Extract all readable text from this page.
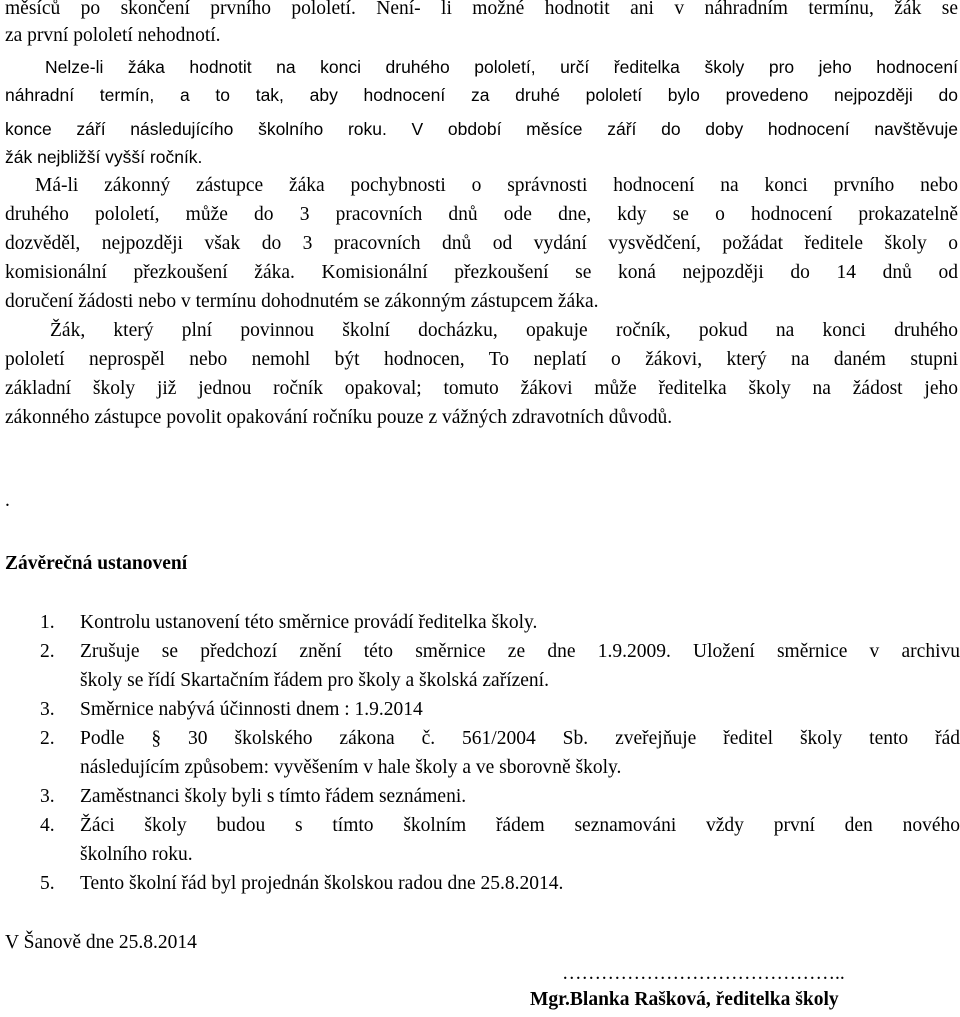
měsíců po skončení prvního pololetí. Není- li možné hodnotit ani v náhradním termínu, žák se
za první pololetí nehodnotí.
Nelze-li žáka hodnotit na konci druhého pololetí, určí ředitelka školy pro jeho hodnocení
náhradní termín, a to tak, aby hodnocení za druhé pololetí bylo provedeno nejpozději do
konce září následujícího školního roku. V období měsíce září do doby hodnocení navštěvuje
žák nejbližší vyšší ročník.
Má-li zákonný zástupce žáka pochybnosti o správnosti hodnocení na konci prvního nebo
druhého pololetí, může do 3 pracovních dnů ode dne, kdy se o hodnocení prokazatelně
dozvěděl, nejpozději však do 3 pracovních dnů od vydání vysvědčení, požádat ředitele školy o
komisionální přezkoušení žáka. Komisionální přezkoušení se koná nejpozději do 14 dnů od
doručení žádosti nebo v termínu dohodnutém se zákonným zástupcem žáka.
Žák, který plní povinnou školní docházku, opakuje ročník, pokud na konci druhého
pololetí neprospěl nebo nemohl být hodnocen, To neplatí o žákovi, který na daném stupni
základní školy již jednou ročník opakoval; tomuto žákovi může ředitelka školy na žádost jeho
zákonného zástupce povolit opakování ročníku pouze z vážných zdravotních důvodů.
.
Závěrečná ustanovení
1. Kontrolu ustanovení této směrnice provádí ředitelka školy.
2. Zrušuje se předchozí znění této směrnice ze dne 1.9.2009. Uložení směrnice v archivu
školy se řídí Skartačním řádem pro školy a školská zařízení.
3. Směrnice nabývá účinnosti dnem : 1.9.2014
2. Podle § 30 školského zákona č. 561/2004 Sb. zveřejňuje ředitel školy tento řád
následujícím způsobem: vyvěšením v hale školy a ve sborovně školy.
3. Zaměstnanci školy byli s tímto řádem seznámeni.
4. Žáci školy budou s tímto školním řádem seznamováni vždy první den nového
školního roku.
5. Tento školní řád byl projednán školskou radou dne 25.8.2014.
V Šanově dne 25.8.2014
……………………………………..
Mgr.Blanka Rašková, ředitelka školy
